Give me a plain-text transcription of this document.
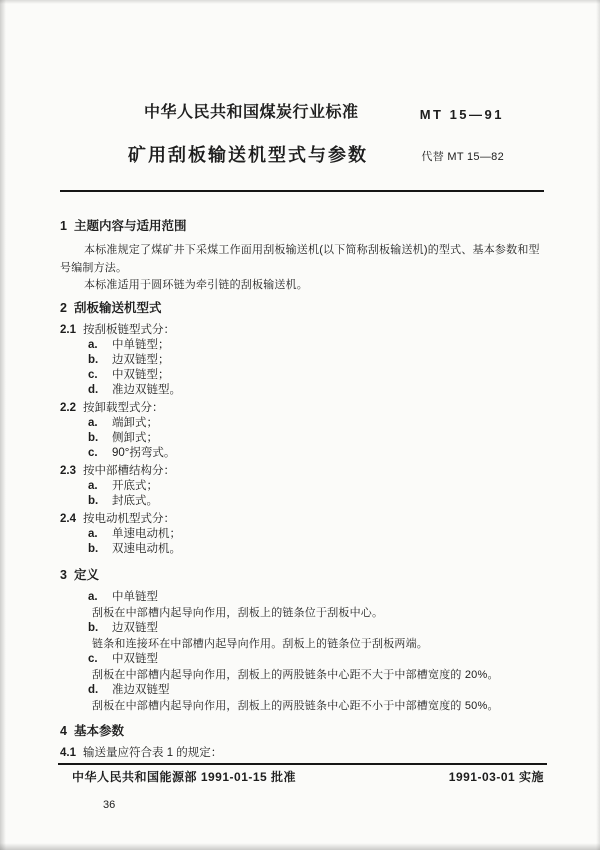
中华人民共和国煤炭行业标准	MT 15—91
矿用刮板输送机型式与参数	代替 MT 15—82
1 主题内容与适用范围
本标准规定了煤矿井下采煤工作面用刮板输送机(以下简称刮板输送机)的型式、基本参数和型号编制方法。
本标准适用于圆环链为牵引链的刮板输送机。
2 刮板输送机型式
2.1 按刮板链型式分：
a.	中单链型；
b.	边双链型；
c.	中双链型；
d.	准边双链型。
2.2 按卸载型式分：
a.	端卸式；
b.	侧卸式；
c.	90°拐弯式。
2.3 按中部槽结构分：
a.	开底式；
b.	封底式。
2.4 按电动机型式分：
a.	单速电动机；
b.	双速电动机。
3 定义
a.	中单链型
刮板在中部槽内起导向作用，刮板上的链条位于刮板中心。
b.	边双链型
链条和连接环在中部槽内起导向作用。刮板上的链条位于刮板两端。
c.	中双链型
刮板在中部槽内起导向作用，刮板上的两股链条中心距不大于中部槽宽度的 20%。
d.	准边双链型
刮板在中部槽内起导向作用，刮板上的两股链条中心距不小于中部槽宽度的 50%。
4 基本参数
4.1 输送量应符合表 1 的规定：
中华人民共和国能源部 1991-01-15 批准	1991-03-01 实施
36
